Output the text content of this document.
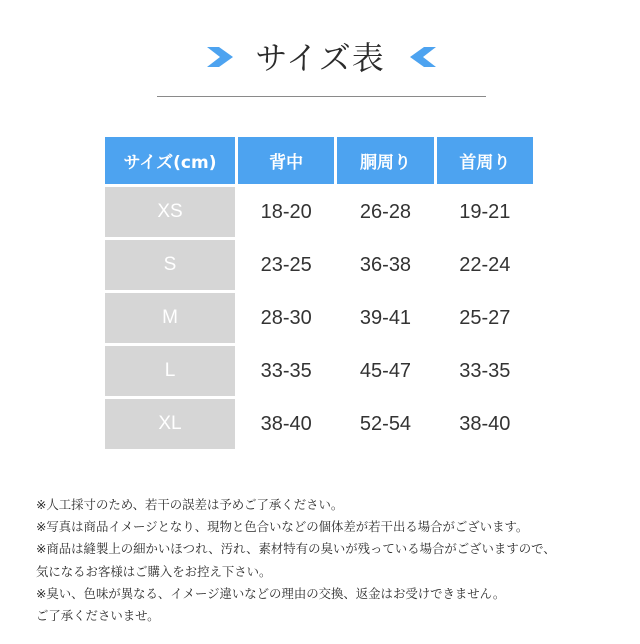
サイズ表
サイズ(cm)	背中	胴周り	首周り
XS	18-20	26-28	19-21
S	23-25	36-38	22-24
M	28-30	39-41	25-27
L	33-35	45-47	33-35
XL	38-40	52-54	38-40
※人工採寸のため、若干の誤差は予めご了承ください。
※写真は商品イメージとなり、現物と色合いなどの個体差が若干出る場合がございます。
※商品は縫製上の細かいほつれ、汚れ、素材特有の臭いが残っている場合がございますので、
気になるお客様はご購入をお控え下さい。
※臭い、色味が異なる、イメージ違いなどの理由の交換、返金はお受けできません。
ご了承くださいませ。
